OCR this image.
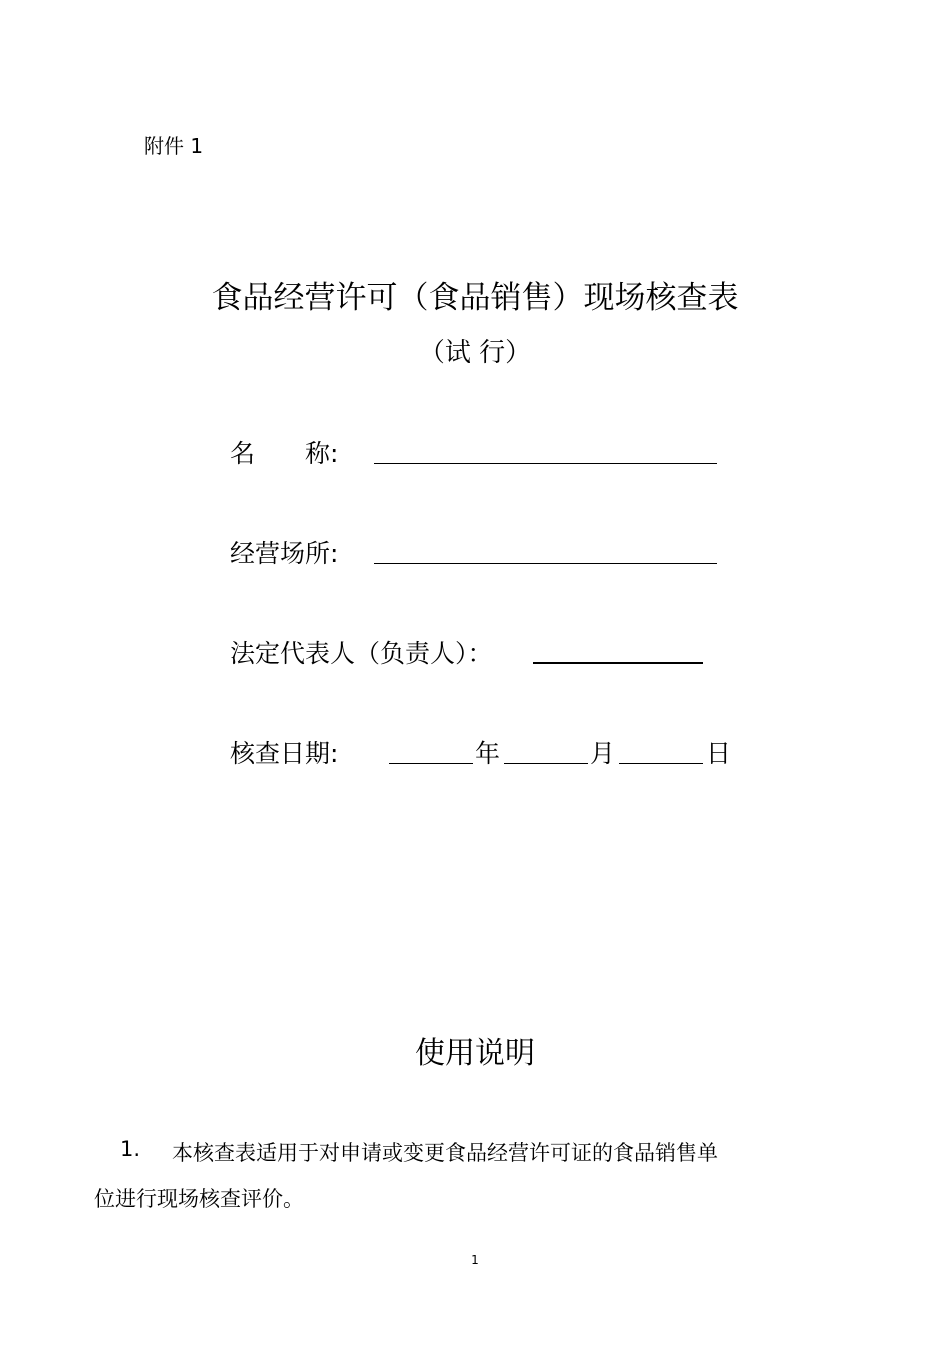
附件 1
食品经营许可（食品销售）现场核查表
（试 行）
名　　称:
经营场所:
法定代表人（负责人）：
核查日期:	年	月	日
使用说明
1. 本核查表适用于对申请或变更食品经营许可证的食品销售单
位进行现场核查评价。
1
